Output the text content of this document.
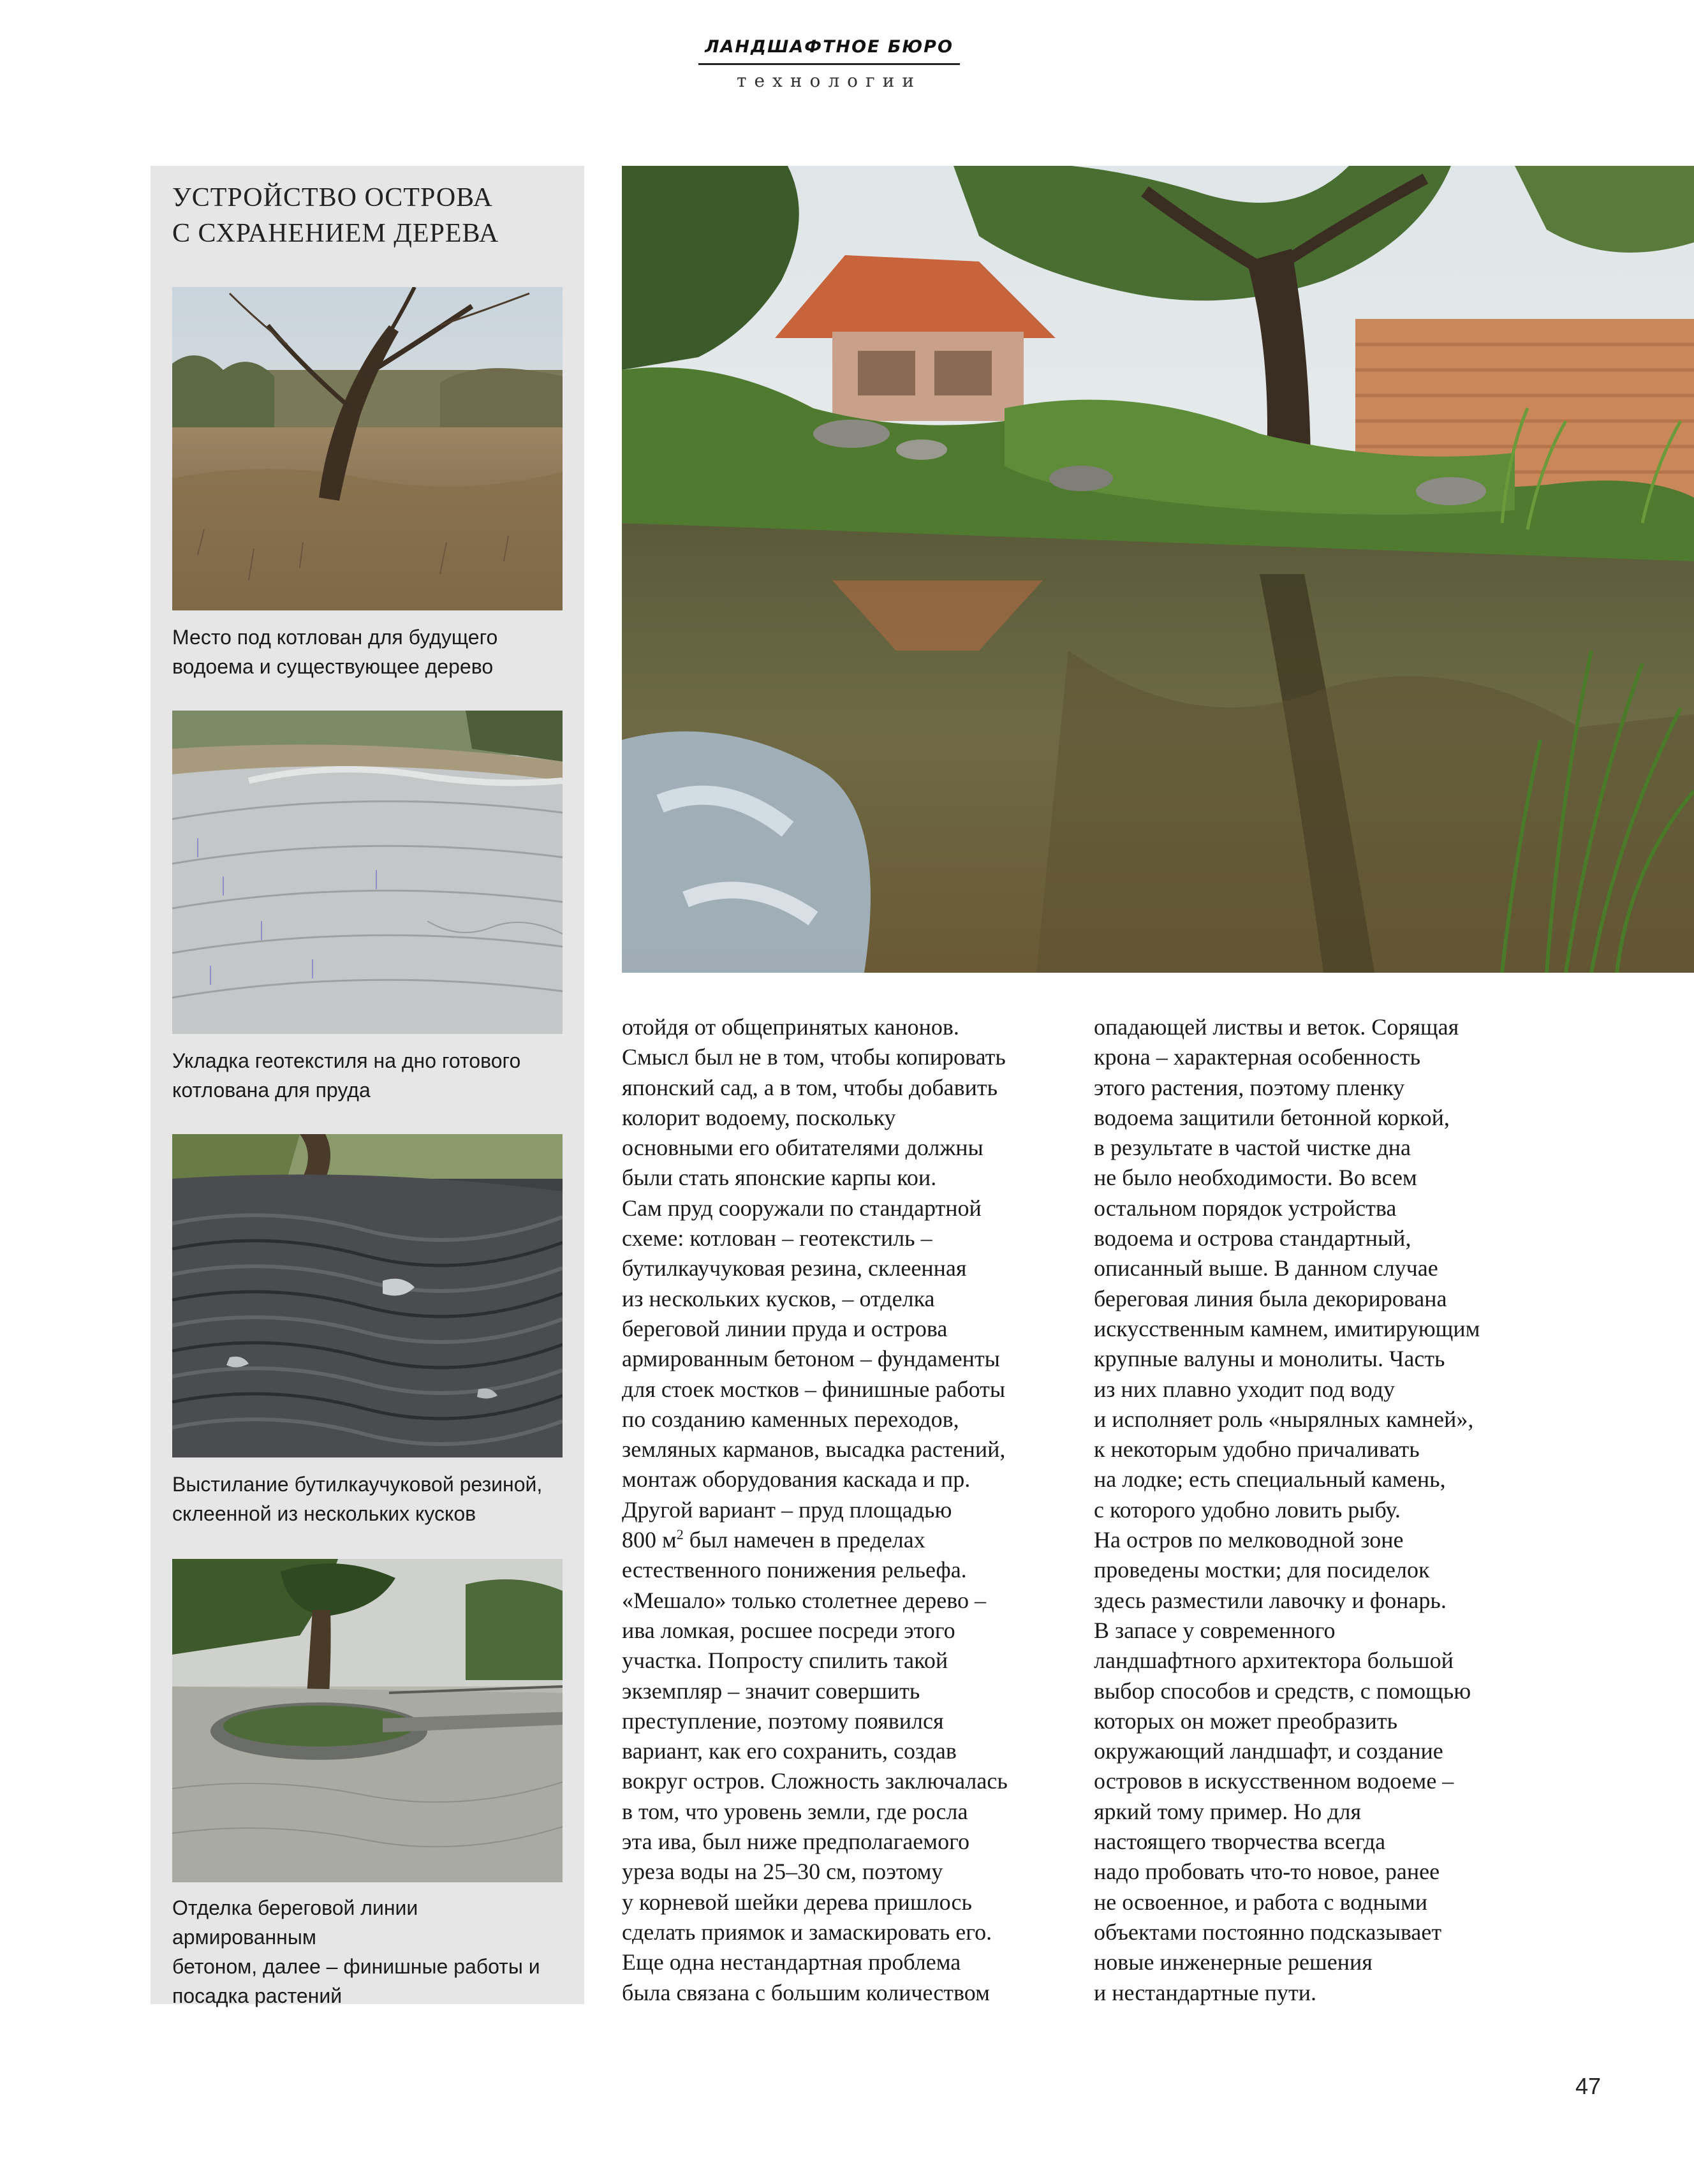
ЛАНДШАФТНОЕ БЮРО
технологии
УСТРОЙСТВО ОСТРОВА
С СХРАНЕНИЕМ ДЕРЕВА
Место под котлован для будущего
водоема и существующее дерево
Укладка геотекстиля на дно готового
котлована для пруда
Выстилание бутилкаучуковой резиной,
склеенной из нескольких кусков
Отделка береговой линии армированным
бетоном, далее – финишные работы и
посадка растений

отойдя от общепринятых канонов.

Смысл был не в том, чтобы копировать

японский сад, а в том, чтобы добавить

колорит водоему, поскольку

основными его обитателями должны

были стать японские карпы кои.

Сам пруд сооружали по стандартной

схеме: котлован – геотекстиль –

бутилкаучуковая резина, склеенная

из нескольких кусков, – отделка

береговой линии пруда и острова

армированным бетоном – фундаменты

для стоек мостков – финишные работы

по созданию каменных переходов,

земляных карманов, высадка растений,

монтаж оборудования каскада и пр.

Другой вариант – пруд площадью

800 $м^2$ был намечен в пределах

естественного понижения рельефа.

«Мешало» только столетнее дерево –

ива ломкая, росшее посреди этого

участка. Попросту спилить такой

экземпляр – значит совершить

преступление, поэтому появился

вариант, как его сохранить, создав

вокруг остров. Сложность заключалась

в том, что уровень земли, где росла

эта ива, был ниже предполагаемого

уреза воды на 25–30 см, поэтому

у корневой шейки дерева пришлось

сделать приямок и замаскировать его.

Еще одна нестандартная проблема

была связана с большим количеством

опадающей листвы и веток. Сорящая

крона – характерная особенность

этого растения, поэтому пленку

водоема защитили бетонной коркой,

в результате в частой чистке дна

не было необходимости. Во всем

остальном порядок устройства

водоема и острова стандартный,

описанный выше. В данном случае

береговая линия была декорирована

искусственным камнем, имитирующим

крупные валуны и монолиты. Часть

из них плавно уходит под воду

и исполняет роль «нырялных камней»,

к некоторым удобно причаливать

на лодке; есть специальный камень,

с которого удобно ловить рыбу.

На остров по мелководной зоне

проведены мостки; для посиделок

здесь разместили лавочку и фонарь.

В запасе у современного

ландшафтного архитектора большой

выбор способов и средств, с помощью

которых он может преобразить

окружающий ландшафт, и создание

островов в искусственном водоеме –

яркий тому пример. Но для

настоящего творчества всегда

надо пробовать что-то новое, ранее

не освоенное, и работа с водными

объектами постоянно подсказывает

новые инженерные решения

и нестандартные пути.

47
